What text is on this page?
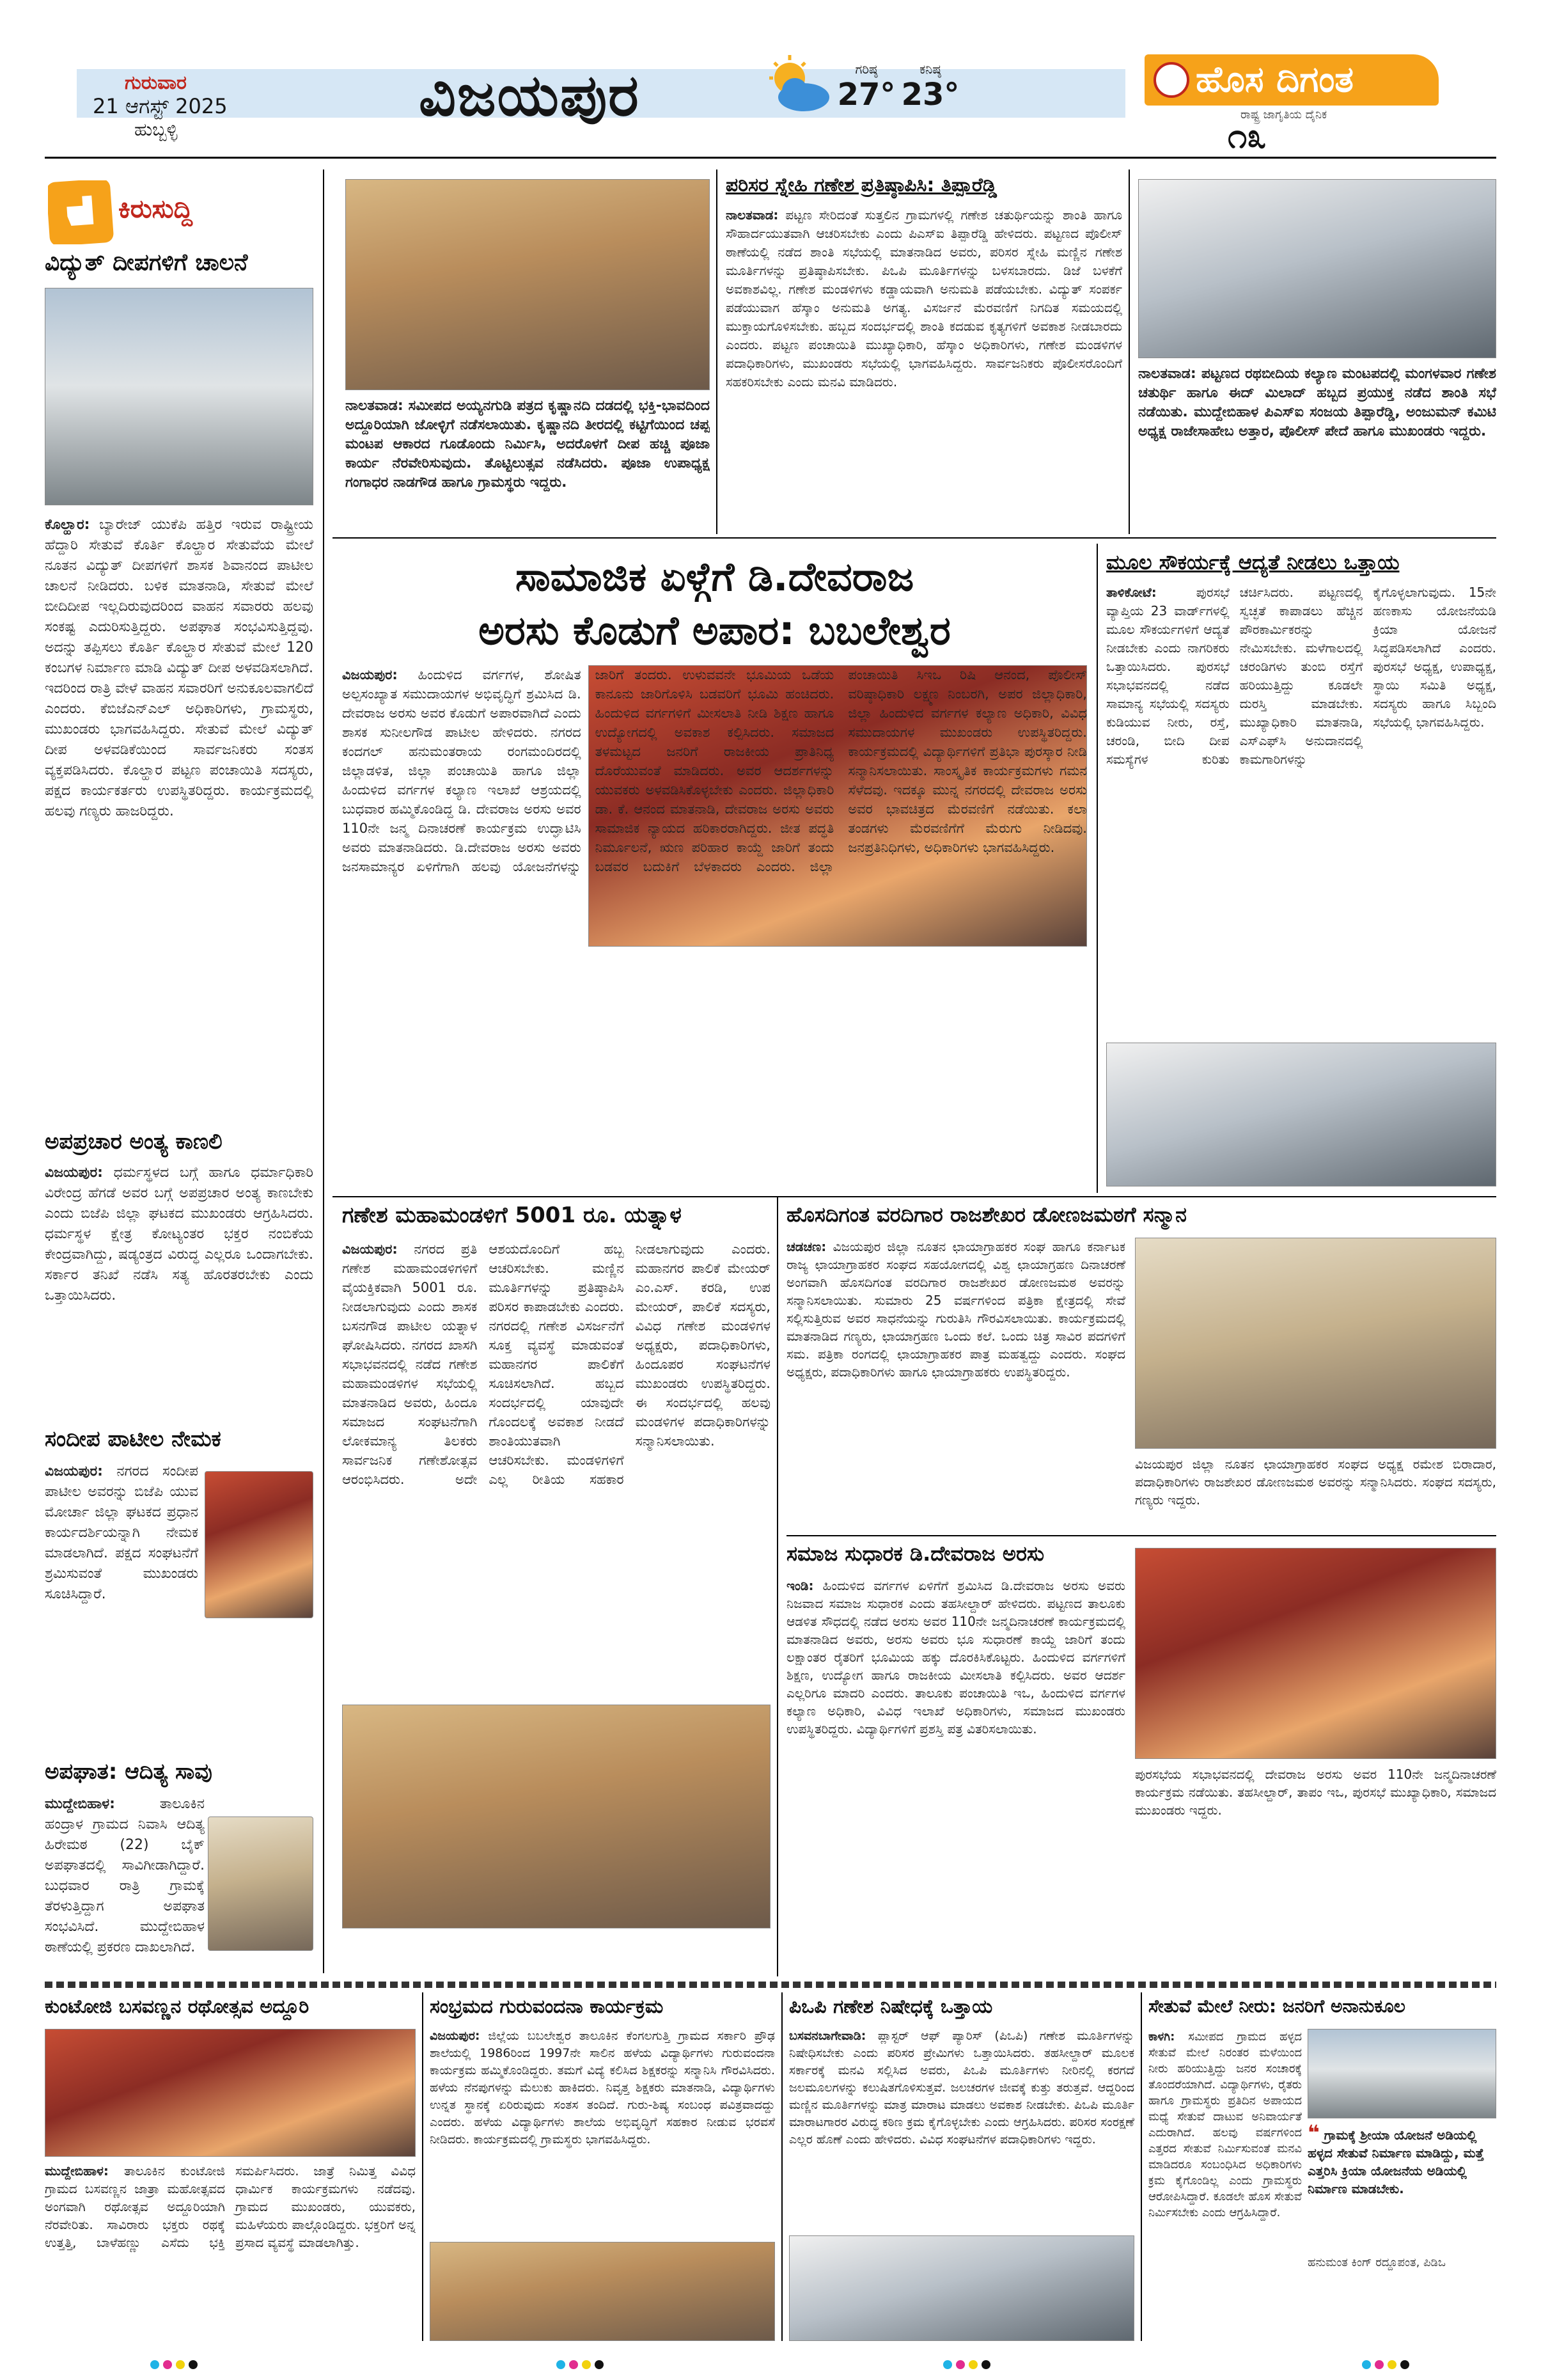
ಗುರುವಾರ
21 ಆಗಸ್ಟ್ 2025
ಹುಬ್ಬಳ್ಳಿ
ವಿಜಯಪುರ	ಗರಿಷ್ಠ
27°
ಕನಿಷ್ಠ
23°	ಹೊಸ ದಿಗಂತ
ರಾಷ್ಟ್ರ ಜಾಗೃತಿಯ ದೈನಿಕ
೧೩
ಕಿರುಸುದ್ದಿ
ವಿದ್ಯುತ್ ದೀಪಗಳಿಗೆ ಚಾಲನೆ
ಕೊಲ್ಹಾರ: ಬ್ಯಾರೇಜ್ ಯುಕೆಪಿ ಹತ್ತಿರ ಇರುವ ರಾಷ್ಟ್ರೀಯ ಹೆದ್ದಾರಿ ಸೇತುವೆ ಕೊರ್ತಿ ಕೊಲ್ಹಾರ ಸೇತುವೆಯ ಮೇಲೆ ನೂತನ ವಿದ್ಯುತ್ ದೀಪಗಳಿಗೆ ಶಾಸಕ ಶಿವಾನಂದ ಪಾಟೀಲ ಚಾಲನೆ ನೀಡಿದರು. ಬಳಿಕ ಮಾತನಾಡಿ, ಸೇತುವೆ ಮೇಲೆ ಬೀದಿದೀಪ ಇಲ್ಲದಿರುವುದರಿಂದ ವಾಹನ ಸವಾರರು ಹಲವು ಸಂಕಷ್ಟ ಎದುರಿಸುತ್ತಿದ್ದರು. ಅಪಘಾತ ಸಂಭವಿಸುತ್ತಿದ್ದವು. ಅದನ್ನು ತಪ್ಪಿಸಲು ಕೊರ್ತಿ ಕೊಲ್ಹಾರ ಸೇತುವೆ ಮೇಲೆ 120 ಕಂಬಗಳ ನಿರ್ಮಾಣ ಮಾಡಿ ವಿದ್ಯುತ್ ದೀಪ ಅಳವಡಿಸಲಾಗಿದೆ. ಇದರಿಂದ ರಾತ್ರಿ ವೇಳೆ ವಾಹನ ಸವಾರರಿಗೆ ಅನುಕೂಲವಾಗಲಿದೆ ಎಂದರು. ಕೆಬಿಜೆಎನ್ಎಲ್ ಅಧಿಕಾರಿಗಳು, ಗ್ರಾಮಸ್ಥರು, ಮುಖಂಡರು ಭಾಗವಹಿಸಿದ್ದರು. ಸೇತುವೆ ಮೇಲೆ ವಿದ್ಯುತ್ ದೀಪ ಅಳವಡಿಕೆಯಿಂದ ಸಾರ್ವಜನಿಕರು ಸಂತಸ ವ್ಯಕ್ತಪಡಿಸಿದರು. ಕೊಲ್ಹಾರ ಪಟ್ಟಣ ಪಂಚಾಯಿತಿ ಸದಸ್ಯರು, ಪಕ್ಷದ ಕಾರ್ಯಕರ್ತರು ಉಪಸ್ಥಿತರಿದ್ದರು. ಕಾರ್ಯಕ್ರಮದಲ್ಲಿ ಹಲವು ಗಣ್ಯರು ಹಾಜರಿದ್ದರು.
ಅಪಪ್ರಚಾರ ಅಂತ್ಯ ಕಾಣಲಿ
ವಿಜಯಪುರ: ಧರ್ಮಸ್ಥಳದ ಬಗ್ಗೆ ಹಾಗೂ ಧರ್ಮಾಧಿಕಾರಿ ವಿರೇಂದ್ರ ಹೆಗಡೆ ಅವರ ಬಗ್ಗೆ ಅಪಪ್ರಚಾರ ಅಂತ್ಯ ಕಾಣಬೇಕು ಎಂದು ಬಿಜೆಪಿ ಜಿಲ್ಲಾ ಘಟಕದ ಮುಖಂಡರು ಆಗ್ರಹಿಸಿದರು. ಧರ್ಮಸ್ಥಳ ಕ್ಷೇತ್ರ ಕೋಟ್ಯಂತರ ಭಕ್ತರ ನಂಬಿಕೆಯ ಕೇಂದ್ರವಾಗಿದ್ದು, ಷಡ್ಯಂತ್ರದ ವಿರುದ್ಧ ಎಲ್ಲರೂ ಒಂದಾಗಬೇಕು. ಸರ್ಕಾರ ತನಿಖೆ ನಡೆಸಿ ಸತ್ಯ ಹೊರತರಬೇಕು ಎಂದು ಒತ್ತಾಯಿಸಿದರು.
ಸಂದೀಪ ಪಾಟೀಲ ನೇಮಕ
ವಿಜಯಪುರ: ನಗರದ ಸಂದೀಪ ಪಾಟೀಲ ಅವರನ್ನು ಬಿಜೆಪಿ ಯುವ ಮೋರ್ಚಾ ಜಿಲ್ಲಾ ಘಟಕದ ಪ್ರಧಾನ ಕಾರ್ಯದರ್ಶಿಯನ್ನಾಗಿ ನೇಮಕ ಮಾಡಲಾಗಿದೆ. ಪಕ್ಷದ ಸಂಘಟನೆಗೆ ಶ್ರಮಿಸುವಂತೆ ಮುಖಂಡರು ಸೂಚಿಸಿದ್ದಾರೆ.
ಅಪಘಾತ: ಆದಿತ್ಯ ಸಾವು
ಮುದ್ದೇಬಿಹಾಳ:	ತಾಲೂಕಿನ ಹಂದ್ರಾಳ ಗ್ರಾಮದ ನಿವಾಸಿ ಆದಿತ್ಯ ಹಿರೇಮಠ (22) ಬೈಕ್ ಅಪಘಾತದಲ್ಲಿ ಸಾವಿಗೀಡಾಗಿದ್ದಾರೆ. ಬುಧವಾರ ರಾತ್ರಿ ಗ್ರಾಮಕ್ಕೆ ತೆರಳುತ್ತಿದ್ದಾಗ ಅಪಘಾತ ಸಂಭವಿಸಿದೆ. ಮುದ್ದೇಬಿಹಾಳ ಠಾಣೆಯಲ್ಲಿ ಪ್ರಕರಣ ದಾಖಲಾಗಿದೆ.
ನಾಲತವಾಡ: ಸಮೀಪದ ಅಯ್ಯನಗುಡಿ ಪತ್ರದ ಕೃಷ್ಣಾನದಿ ದಡದಲ್ಲಿ ಭಕ್ತಿ-ಭಾವದಿಂದ ಅದ್ದೂರಿಯಾಗಿ ಜೋಳ್ಳಿಗೆ ನಡೆಸಲಾಯಿತು. ಕೃಷ್ಣಾನದಿ ತೀರದಲ್ಲಿ ಕಟ್ಟಿಗೆಯಿಂದ ಚಪ್ಪ ಮಂಟಪ ಆಕಾರದ ಗೂಡೊಂದು ನಿರ್ಮಿಸಿ, ಅದರೊಳಗೆ ದೀಪ ಹಚ್ಚಿ ಪೂಜಾ ಕಾರ್ಯ ನೆರವೇರಿಸುವುದು. ತೊಟ್ಟಿಲುತ್ಸವ ನಡೆಸಿದರು. ಪೂಜಾ ಉಪಾಧ್ಯಕ್ಷ ಗಂಗಾಧರ ನಾಡಗೌಡ ಹಾಗೂ ಗ್ರಾಮಸ್ಥರು ಇದ್ದರು.
ಪರಿಸರ ಸ್ನೇಹಿ ಗಣೇಶ ಪ್ರತಿಷ್ಠಾಪಿಸಿ: ತಿಪ್ಪಾರೆಡ್ಡಿ
ನಾಲತವಾಡ: ಪಟ್ಟಣ ಸೇರಿದಂತೆ ಸುತ್ತಲಿನ ಗ್ರಾಮಗಳಲ್ಲಿ ಗಣೇಶ ಚತುರ್ಥಿಯನ್ನು ಶಾಂತಿ ಹಾಗೂ ಸೌಹಾರ್ದಯುತವಾಗಿ ಆಚರಿಸಬೇಕು ಎಂದು ಪಿಎಸ್ಐ ತಿಪ್ಪಾರೆಡ್ಡಿ ಹೇಳಿದರು. ಪಟ್ಟಣದ ಪೊಲೀಸ್ ಠಾಣೆಯಲ್ಲಿ ನಡೆದ ಶಾಂತಿ ಸಭೆಯಲ್ಲಿ ಮಾತನಾಡಿದ ಅವರು, ಪರಿಸರ ಸ್ನೇಹಿ ಮಣ್ಣಿನ ಗಣೇಶ ಮೂರ್ತಿಗಳನ್ನು ಪ್ರತಿಷ್ಠಾಪಿಸಬೇಕು. ಪಿಒಪಿ ಮೂರ್ತಿಗಳನ್ನು ಬಳಸಬಾರದು. ಡಿಜೆ ಬಳಕೆಗೆ ಅವಕಾಶವಿಲ್ಲ. ಗಣೇಶ ಮಂಡಳಿಗಳು ಕಡ್ಡಾಯವಾಗಿ ಅನುಮತಿ ಪಡೆಯಬೇಕು. ವಿದ್ಯುತ್ ಸಂಪರ್ಕ ಪಡೆಯುವಾಗ ಹೆಸ್ಕಾಂ ಅನುಮತಿ ಅಗತ್ಯ. ವಿಸರ್ಜನೆ ಮೆರವಣಿಗೆ ನಿಗದಿತ ಸಮಯದಲ್ಲಿ ಮುಕ್ತಾಯಗೊಳಿಸಬೇಕು. ಹಬ್ಬದ ಸಂದರ್ಭದಲ್ಲಿ ಶಾಂತಿ ಕದಡುವ ಕೃತ್ಯಗಳಿಗೆ ಅವಕಾಶ ನೀಡಬಾರದು ಎಂದರು. ಪಟ್ಟಣ ಪಂಚಾಯಿತಿ ಮುಖ್ಯಾಧಿಕಾರಿ, ಹೆಸ್ಕಾಂ ಅಧಿಕಾರಿಗಳು, ಗಣೇಶ ಮಂಡಳಿಗಳ ಪದಾಧಿಕಾರಿಗಳು, ಮುಖಂಡರು ಸಭೆಯಲ್ಲಿ ಭಾಗವಹಿಸಿದ್ದರು. ಸಾರ್ವಜನಿಕರು ಪೊಲೀಸರೊಂದಿಗೆ ಸಹಕರಿಸಬೇಕು ಎಂದು ಮನವಿ ಮಾಡಿದರು.	ನಾಲತವಾಡ: ಪಟ್ಟಣದ ರಥಬೀದಿಯ ಕಲ್ಯಾಣ ಮಂಟಪದಲ್ಲಿ ಮಂಗಳವಾರ ಗಣೇಶ ಚತುರ್ಥಿ ಹಾಗೂ ಈದ್ ಮಿಲಾದ್ ಹಬ್ಬದ ಪ್ರಯುಕ್ತ ನಡೆದ ಶಾಂತಿ ಸಭೆ ನಡೆಯಿತು. ಮುದ್ದೇಬಿಹಾಳ ಪಿಎಸ್ಐ ಸಂಜಯ ತಿಪ್ಪಾರೆಡ್ಡಿ, ಅಂಜುಮನ್ ಕಮಿಟಿ ಅಧ್ಯಕ್ಷ ರಾಜೇಸಾಹೇಬ ಅತ್ತಾರ, ಪೊಲೀಸ್ ಪೇದೆ ಹಾಗೂ ಮುಖಂಡರು ಇದ್ದರು.
ಸಾಮಾಜಿಕ ಏಳ್ಗೆಗೆ ಡಿ.ದೇವರಾಜ
ಅರಸು ಕೊಡುಗೆ ಅಪಾರ: ಬಬಲೇಶ್ವರ
ವಿಜಯಪುರ: ಹಿಂದುಳಿದ ವರ್ಗಗಳ, ಶೋಷಿತ ಅಲ್ಪಸಂಖ್ಯಾತ ಸಮುದಾಯಗಳ ಅಭಿವೃದ್ಧಿಗೆ ಶ್ರಮಿಸಿದ ಡಿ. ದೇವರಾಜ ಅರಸು ಅವರ ಕೊಡುಗೆ ಅಪಾರವಾಗಿದೆ ಎಂದು ಶಾಸಕ ಸುನೀಲಗೌಡ ಪಾಟೀಲ ಹೇಳಿದರು. ನಗರದ ಕಂದಗಲ್ ಹನುಮಂತರಾಯ ರಂಗಮಂದಿರದಲ್ಲಿ ಜಿಲ್ಲಾಡಳಿತ, ಜಿಲ್ಲಾ ಪಂಚಾಯಿತಿ ಹಾಗೂ ಜಿಲ್ಲಾ ಹಿಂದುಳಿದ ವರ್ಗಗಳ ಕಲ್ಯಾಣ ಇಲಾಖೆ ಆಶ್ರಯದಲ್ಲಿ ಬುಧವಾರ ಹಮ್ಮಿಕೊಂಡಿದ್ದ ಡಿ. ದೇವರಾಜ ಅರಸು ಅವರ 110ನೇ ಜನ್ಮ ದಿನಾಚರಣೆ ಕಾರ್ಯಕ್ರಮ ಉದ್ಘಾಟಿಸಿ ಅವರು ಮಾತನಾಡಿದರು. ಡಿ.ದೇವರಾಜ ಅರಸು ಅವರು ಜನಸಾಮಾನ್ಯರ ಏಳಿಗೆಗಾಗಿ ಹಲವು ಯೋಜನೆಗಳನ್ನು ಜಾರಿಗೆ ತಂದರು. ಉಳುವವನೇ ಭೂಮಿಯ ಒಡೆಯ ಕಾನೂನು ಜಾರಿಗೊಳಿಸಿ ಬಡವರಿಗೆ ಭೂಮಿ ಹಂಚಿದರು. ಹಿಂದುಳಿದ ವರ್ಗಗಳಿಗೆ ಮೀಸಲಾತಿ ನೀಡಿ ಶಿಕ್ಷಣ ಹಾಗೂ ಉದ್ಯೋಗದಲ್ಲಿ ಅವಕಾಶ ಕಲ್ಪಿಸಿದರು. ಸಮಾಜದ ತಳಮಟ್ಟದ ಜನರಿಗೆ ರಾಜಕೀಯ ಪ್ರಾತಿನಿಧ್ಯ ದೊರೆಯುವಂತೆ ಮಾಡಿದರು. ಅವರ ಆದರ್ಶಗಳನ್ನು ಯುವಕರು ಅಳವಡಿಸಿಕೊಳ್ಳಬೇಕು ಎಂದರು. ಜಿಲ್ಲಾಧಿಕಾರಿ ಡಾ. ಕೆ. ಆನಂದ ಮಾತನಾಡಿ, ದೇವರಾಜ ಅರಸು ಅವರು ಸಾಮಾಜಿಕ ನ್ಯಾಯದ ಹರಿಕಾರರಾಗಿದ್ದರು. ಜೀತ ಪದ್ಧತಿ ನಿರ್ಮೂಲನೆ, ಋಣ ಪರಿಹಾರ ಕಾಯ್ದೆ ಜಾರಿಗೆ ತಂದು ಬಡವರ ಬದುಕಿಗೆ ಬೆಳಕಾದರು ಎಂದರು. ಜಿಲ್ಲಾ ಪಂಚಾಯಿತಿ ಸಿಇಒ ರಿಷಿ ಆನಂದ, ಪೊಲೀಸ್ ವರಿಷ್ಠಾಧಿಕಾರಿ ಲಕ್ಷ್ಮಣ ನಿಂಬರಗಿ, ಅಪರ ಜಿಲ್ಲಾಧಿಕಾರಿ, ಜಿಲ್ಲಾ ಹಿಂದುಳಿದ ವರ್ಗಗಳ ಕಲ್ಯಾಣ ಅಧಿಕಾರಿ, ವಿವಿಧ ಸಮುದಾಯಗಳ ಮುಖಂಡರು ಉಪಸ್ಥಿತರಿದ್ದರು. ಕಾರ್ಯಕ್ರಮದಲ್ಲಿ ವಿದ್ಯಾರ್ಥಿಗಳಿಗೆ ಪ್ರತಿಭಾ ಪುರಸ್ಕಾರ ನೀಡಿ ಸನ್ಮಾನಿಸಲಾಯಿತು. ಸಾಂಸ್ಕೃತಿಕ ಕಾರ್ಯಕ್ರಮಗಳು ಗಮನ ಸೆಳೆದವು. ಇದಕ್ಕೂ ಮುನ್ನ ನಗರದಲ್ಲಿ ದೇವರಾಜ ಅರಸು ಅವರ ಭಾವಚಿತ್ರದ ಮೆರವಣಿಗೆ ನಡೆಯಿತು. ಕಲಾ ತಂಡಗಳು ಮೆರವಣಿಗೆಗೆ ಮೆರುಗು ನೀಡಿದವು. ಜನಪ್ರತಿನಿಧಿಗಳು, ಅಧಿಕಾರಿಗಳು ಭಾಗವಹಿಸಿದ್ದರು.
ಮೂಲ ಸೌಕರ್ಯಕ್ಕೆ ಆದ್ಯತೆ ನೀಡಲು ಒತ್ತಾಯ
ತಾಳಿಕೋಟೆ:	ಪುರಸಭೆ ವ್ಯಾಪ್ತಿಯ 23 ವಾರ್ಡ್‌ಗಳಲ್ಲಿ ಮೂಲ ಸೌಕರ್ಯಗಳಿಗೆ ಆದ್ಯತೆ ನೀಡಬೇಕು ಎಂದು ನಾಗರಿಕರು ಒತ್ತಾಯಿಸಿದರು. ಪುರಸಭೆ ಸಭಾಭವನದಲ್ಲಿ ನಡೆದ ಸಾಮಾನ್ಯ ಸಭೆಯಲ್ಲಿ ಸದಸ್ಯರು ಕುಡಿಯುವ ನೀರು, ರಸ್ತೆ, ಚರಂಡಿ, ಬೀದಿ ದೀಪ ಸಮಸ್ಯೆಗಳ ಕುರಿತು ಚರ್ಚಿಸಿದರು. ಪಟ್ಟಣದಲ್ಲಿ ಸ್ವಚ್ಛತೆ ಕಾಪಾಡಲು ಹೆಚ್ಚಿನ ಪೌರಕಾರ್ಮಿಕರನ್ನು ನೇಮಿಸಬೇಕು. ಮಳೆಗಾಲದಲ್ಲಿ ಚರಂಡಿಗಳು ತುಂಬಿ ರಸ್ತೆಗೆ ಹರಿಯುತ್ತಿದ್ದು ಕೂಡಲೇ ದುರಸ್ತಿ ಮಾಡಬೇಕು. ಮುಖ್ಯಾಧಿಕಾರಿ ಮಾತನಾಡಿ, ಎಸ್‌ಎಫ್‌ಸಿ ಅನುದಾನದಲ್ಲಿ ಕಾಮಗಾರಿಗಳನ್ನು ಕೈಗೊಳ್ಳಲಾಗುವುದು. 15ನೇ ಹಣಕಾಸು ಯೋಜನೆಯಡಿ ಕ್ರಿಯಾ ಯೋಜನೆ ಸಿದ್ಧಪಡಿಸಲಾಗಿದೆ ಎಂದರು. ಪುರಸಭೆ ಅಧ್ಯಕ್ಷ, ಉಪಾಧ್ಯಕ್ಷ, ಸ್ಥಾಯಿ ಸಮಿತಿ ಅಧ್ಯಕ್ಷ, ಸದಸ್ಯರು ಹಾಗೂ ಸಿಬ್ಬಂದಿ ಸಭೆಯಲ್ಲಿ ಭಾಗವಹಿಸಿದ್ದರು.
ಗಣೇಶ ಮಹಾಮಂಡಳಿಗೆ 5001 ರೂ. ಯತ್ನಾಳ
ವಿಜಯಪುರ: ನಗರದ ಪ್ರತಿ ಗಣೇಶ ಮಹಾಮಂಡಳಿಗಳಿಗೆ ವೈಯಕ್ತಿಕವಾಗಿ 5001 ರೂ. ನೀಡಲಾಗುವುದು ಎಂದು ಶಾಸಕ ಬಸನಗೌಡ ಪಾಟೀಲ ಯತ್ನಾಳ ಘೋಷಿಸಿದರು. ನಗರದ ಖಾಸಗಿ ಸಭಾಭವನದಲ್ಲಿ ನಡೆದ ಗಣೇಶ ಮಹಾಮಂಡಳಿಗಳ ಸಭೆಯಲ್ಲಿ ಮಾತನಾಡಿದ ಅವರು, ಹಿಂದೂ ಸಮಾಜದ ಸಂಘಟನೆಗಾಗಿ ಲೋಕಮಾನ್ಯ ತಿಲಕರು ಸಾರ್ವಜನಿಕ ಗಣೇಶೋತ್ಸವ ಆರಂಭಿಸಿದರು. ಅದೇ ಆಶಯದೊಂದಿಗೆ ಹಬ್ಬ ಆಚರಿಸಬೇಕು. ಮಣ್ಣಿನ ಮೂರ್ತಿಗಳನ್ನು ಪ್ರತಿಷ್ಠಾಪಿಸಿ ಪರಿಸರ ಕಾಪಾಡಬೇಕು ಎಂದರು. ನಗರದಲ್ಲಿ ಗಣೇಶ ವಿಸರ್ಜನೆಗೆ ಸೂಕ್ತ ವ್ಯವಸ್ಥೆ ಮಾಡುವಂತೆ ಮಹಾನಗರ ಪಾಲಿಕೆಗೆ ಸೂಚಿಸಲಾಗಿದೆ. ಹಬ್ಬದ ಸಂದರ್ಭದಲ್ಲಿ ಯಾವುದೇ ಗೊಂದಲಕ್ಕೆ ಅವಕಾಶ ನೀಡದೆ ಶಾಂತಿಯುತವಾಗಿ ಆಚರಿಸಬೇಕು. ಮಂಡಳಿಗಳಿಗೆ ಎಲ್ಲ ರೀತಿಯ ಸಹಕಾರ ನೀಡಲಾಗುವುದು ಎಂದರು. ಮಹಾನಗರ ಪಾಲಿಕೆ ಮೇಯರ್ ಎಂ.ಎಸ್. ಕರಡಿ, ಉಪ ಮೇಯರ್, ಪಾಲಿಕೆ ಸದಸ್ಯರು, ವಿವಿಧ ಗಣೇಶ ಮಂಡಳಿಗಳ ಅಧ್ಯಕ್ಷರು, ಪದಾಧಿಕಾರಿಗಳು, ಹಿಂದೂಪರ ಸಂಘಟನೆಗಳ ಮುಖಂಡರು ಉಪಸ್ಥಿತರಿದ್ದರು. ಈ ಸಂದರ್ಭದಲ್ಲಿ ಹಲವು ಮಂಡಳಿಗಳ ಪದಾಧಿಕಾರಿಗಳನ್ನು ಸನ್ಮಾನಿಸಲಾಯಿತು.
ಹೊಸದಿಗಂತ ವರದಿಗಾರ ರಾಜಶೇಖರ ಡೋಣಜಮಠಗೆ ಸನ್ಮಾನ
ಚಡಚಣ: ವಿಜಯಪುರ ಜಿಲ್ಲಾ ನೂತನ ಛಾಯಾಗ್ರಾಹಕರ ಸಂಘ ಹಾಗೂ ಕರ್ನಾಟಕ ರಾಜ್ಯ ಛಾಯಾಗ್ರಾಹಕರ ಸಂಘದ ಸಹಯೋಗದಲ್ಲಿ ವಿಶ್ವ ಛಾಯಾಗ್ರಹಣ ದಿನಾಚರಣೆ ಅಂಗವಾಗಿ ಹೊಸದಿಗಂತ ವರದಿಗಾರ ರಾಜಶೇಖರ ಡೋಣಜಮಠ ಅವರನ್ನು ಸನ್ಮಾನಿಸಲಾಯಿತು. ಸುಮಾರು 25 ವರ್ಷಗಳಿಂದ ಪತ್ರಿಕಾ ಕ್ಷೇತ್ರದಲ್ಲಿ ಸೇವೆ ಸಲ್ಲಿಸುತ್ತಿರುವ ಅವರ ಸಾಧನೆಯನ್ನು ಗುರುತಿಸಿ ಗೌರವಿಸಲಾಯಿತು. ಕಾರ್ಯಕ್ರಮದಲ್ಲಿ ಮಾತನಾಡಿದ ಗಣ್ಯರು, ಛಾಯಾಗ್ರಹಣ ಒಂದು ಕಲೆ. ಒಂದು ಚಿತ್ರ ಸಾವಿರ ಪದಗಳಿಗೆ ಸಮ. ಪತ್ರಿಕಾ ರಂಗದಲ್ಲಿ ಛಾಯಾಗ್ರಾಹಕರ ಪಾತ್ರ ಮಹತ್ವದ್ದು ಎಂದರು. ಸಂಘದ ಅಧ್ಯಕ್ಷರು, ಪದಾಧಿಕಾರಿಗಳು ಹಾಗೂ ಛಾಯಾಗ್ರಾಹಕರು ಉಪಸ್ಥಿತರಿದ್ದರು.
ವಿಜಯಪುರ ಜಿಲ್ಲಾ ನೂತನ ಛಾಯಾಗ್ರಾಹಕರ ಸಂಘದ ಅಧ್ಯಕ್ಷ ರಮೇಶ ಬಿರಾದಾರ, ಪದಾಧಿಕಾರಿಗಳು ರಾಜಶೇಖರ ಡೋಣಜಮಠ ಅವರನ್ನು ಸನ್ಮಾನಿಸಿದರು. ಸಂಘದ ಸದಸ್ಯರು, ಗಣ್ಯರು ಇದ್ದರು.
ಸಮಾಜ ಸುಧಾರಕ ಡಿ.ದೇವರಾಜ ಅರಸು
ಇಂಡಿ: ಹಿಂದುಳಿದ ವರ್ಗಗಳ ಏಳಿಗೆಗೆ ಶ್ರಮಿಸಿದ ಡಿ.ದೇವರಾಜ ಅರಸು ಅವರು ನಿಜವಾದ ಸಮಾಜ ಸುಧಾರಕ ಎಂದು ತಹಸೀಲ್ದಾರ್ ಹೇಳಿದರು. ಪಟ್ಟಣದ ತಾಲೂಕು ಆಡಳಿತ ಸೌಧದಲ್ಲಿ ನಡೆದ ಅರಸು ಅವರ 110ನೇ ಜನ್ಮದಿನಾಚರಣೆ ಕಾರ್ಯಕ್ರಮದಲ್ಲಿ ಮಾತನಾಡಿದ ಅವರು, ಅರಸು ಅವರು ಭೂ ಸುಧಾರಣೆ ಕಾಯ್ದೆ ಜಾರಿಗೆ ತಂದು ಲಕ್ಷಾಂತರ ರೈತರಿಗೆ ಭೂಮಿಯ ಹಕ್ಕು ದೊರಕಿಸಿಕೊಟ್ಟರು. ಹಿಂದುಳಿದ ವರ್ಗಗಳಿಗೆ ಶಿಕ್ಷಣ, ಉದ್ಯೋಗ ಹಾಗೂ ರಾಜಕೀಯ ಮೀಸಲಾತಿ ಕಲ್ಪಿಸಿದರು. ಅವರ ಆದರ್ಶ ಎಲ್ಲರಿಗೂ ಮಾದರಿ ಎಂದರು. ತಾಲೂಕು ಪಂಚಾಯಿತಿ ಇಒ, ಹಿಂದುಳಿದ ವರ್ಗಗಳ ಕಲ್ಯಾಣ ಅಧಿಕಾರಿ, ವಿವಿಧ ಇಲಾಖೆ ಅಧಿಕಾರಿಗಳು, ಸಮಾಜದ ಮುಖಂಡರು ಉಪಸ್ಥಿತರಿದ್ದರು. ವಿದ್ಯಾರ್ಥಿಗಳಿಗೆ ಪ್ರಶಸ್ತಿ ಪತ್ರ ವಿತರಿಸಲಾಯಿತು.
ಪುರಸಭೆಯ ಸಭಾಭವನದಲ್ಲಿ ದೇವರಾಜ ಅರಸು ಅವರ 110ನೇ ಜನ್ಮದಿನಾಚರಣೆ ಕಾರ್ಯಕ್ರಮ ನಡೆಯಿತು. ತಹಸೀಲ್ದಾರ್, ತಾಪಂ ಇಒ, ಪುರಸಭೆ ಮುಖ್ಯಾಧಿಕಾರಿ, ಸಮಾಜದ ಮುಖಂಡರು ಇದ್ದರು.
ಕುಂಟೋಜಿ ಬಸವಣ್ಣನ ರಥೋತ್ಸವ ಅದ್ದೂರಿ
ಮುದ್ದೇಬಿಹಾಳ: ತಾಲೂಕಿನ ಕುಂಟೋಜಿ ಗ್ರಾಮದ ಬಸವಣ್ಣನ ಜಾತ್ರಾ ಮಹೋತ್ಸವದ ಅಂಗವಾಗಿ ರಥೋತ್ಸವ ಅದ್ದೂರಿಯಾಗಿ ನೆರವೇರಿತು. ಸಾವಿರಾರು ಭಕ್ತರು ರಥಕ್ಕೆ ಉತ್ತತ್ತಿ, ಬಾಳೆಹಣ್ಣು ಎಸೆದು ಭಕ್ತಿ ಸಮರ್ಪಿಸಿದರು. ಜಾತ್ರೆ ನಿಮಿತ್ತ ವಿವಿಧ ಧಾರ್ಮಿಕ ಕಾರ್ಯಕ್ರಮಗಳು ನಡೆದವು. ಗ್ರಾಮದ ಮುಖಂಡರು, ಯುವಕರು, ಮಹಿಳೆಯರು ಪಾಲ್ಗೊಂಡಿದ್ದರು. ಭಕ್ತರಿಗೆ ಅನ್ನ ಪ್ರಸಾದ ವ್ಯವಸ್ಥೆ ಮಾಡಲಾಗಿತ್ತು.
ಸಂಭ್ರಮದ ಗುರುವಂದನಾ ಕಾರ್ಯಕ್ರಮ
ವಿಜಯಪುರ: ಜಿಲ್ಲೆಯ ಬಬಲೇಶ್ವರ ತಾಲೂಕಿನ ಕೆಂಗಲಗುತ್ತಿ ಗ್ರಾಮದ ಸರ್ಕಾರಿ ಪ್ರೌಢ ಶಾಲೆಯಲ್ಲಿ 1986ರಿಂದ 1997ನೇ ಸಾಲಿನ ಹಳೆಯ ವಿದ್ಯಾರ್ಥಿಗಳು ಗುರುವಂದನಾ ಕಾರ್ಯಕ್ರಮ ಹಮ್ಮಿಕೊಂಡಿದ್ದರು. ತಮಗೆ ವಿದ್ಯೆ ಕಲಿಸಿದ ಶಿಕ್ಷಕರನ್ನು ಸನ್ಮಾನಿಸಿ ಗೌರವಿಸಿದರು. ಹಳೆಯ ನೆನಪುಗಳನ್ನು ಮೆಲುಕು ಹಾಕಿದರು. ನಿವೃತ್ತ ಶಿಕ್ಷಕರು ಮಾತನಾಡಿ, ವಿದ್ಯಾರ್ಥಿಗಳು ಉನ್ನತ ಸ್ಥಾನಕ್ಕೆ ಏರಿರುವುದು ಸಂತಸ ತಂದಿದೆ. ಗುರು-ಶಿಷ್ಯ ಸಂಬಂಧ ಪವಿತ್ರವಾದದ್ದು ಎಂದರು. ಹಳೆಯ ವಿದ್ಯಾರ್ಥಿಗಳು ಶಾಲೆಯ ಅಭಿವೃದ್ಧಿಗೆ ಸಹಕಾರ ನೀಡುವ ಭರವಸೆ ನೀಡಿದರು. ಕಾರ್ಯಕ್ರಮದಲ್ಲಿ ಗ್ರಾಮಸ್ಥರು ಭಾಗವಹಿಸಿದ್ದರು.
ಪಿಒಪಿ ಗಣೇಶ ನಿಷೇಧಕ್ಕೆ ಒತ್ತಾಯ
ಬಸವನಬಾಗೇವಾಡಿ: ಪ್ಲಾಸ್ಟರ್ ಆಫ್ ಪ್ಯಾರಿಸ್ (ಪಿಒಪಿ) ಗಣೇಶ ಮೂರ್ತಿಗಳನ್ನು ನಿಷೇಧಿಸಬೇಕು ಎಂದು ಪರಿಸರ ಪ್ರೇಮಿಗಳು ಒತ್ತಾಯಿಸಿದರು. ತಹಸೀಲ್ದಾರ್ ಮೂಲಕ ಸರ್ಕಾರಕ್ಕೆ ಮನವಿ ಸಲ್ಲಿಸಿದ ಅವರು, ಪಿಒಪಿ ಮೂರ್ತಿಗಳು ನೀರಿನಲ್ಲಿ ಕರಗದೆ ಜಲಮೂಲಗಳನ್ನು ಕಲುಷಿತಗೊಳಿಸುತ್ತವೆ. ಜಲಚರಗಳ ಜೀವಕ್ಕೆ ಕುತ್ತು ತರುತ್ತವೆ. ಆದ್ದರಿಂದ ಮಣ್ಣಿನ ಮೂರ್ತಿಗಳನ್ನು ಮಾತ್ರ ಮಾರಾಟ ಮಾಡಲು ಅವಕಾಶ ನೀಡಬೇಕು. ಪಿಒಪಿ ಮೂರ್ತಿ ಮಾರಾಟಗಾರರ ವಿರುದ್ಧ ಕಠಿಣ ಕ್ರಮ ಕೈಗೊಳ್ಳಬೇಕು ಎಂದು ಆಗ್ರಹಿಸಿದರು. ಪರಿಸರ ಸಂರಕ್ಷಣೆ ಎಲ್ಲರ ಹೊಣೆ ಎಂದು ಹೇಳಿದರು. ವಿವಿಧ ಸಂಘಟನೆಗಳ ಪದಾಧಿಕಾರಿಗಳು ಇದ್ದರು.
ಸೇತುವೆ ಮೇಲೆ ನೀರು: ಜನರಿಗೆ ಅನಾನುಕೂಲ
ಕಾಳಗಿ: ಸಮೀಪದ ಗ್ರಾಮದ ಹಳ್ಳದ ಸೇತುವೆ ಮೇಲೆ ನಿರಂತರ ಮಳೆಯಿಂದ ನೀರು ಹರಿಯುತ್ತಿದ್ದು ಜನರ ಸಂಚಾರಕ್ಕೆ ತೊಂದರೆಯಾಗಿದೆ. ವಿದ್ಯಾರ್ಥಿಗಳು, ರೈತರು ಹಾಗೂ ಗ್ರಾಮಸ್ಥರು ಪ್ರತಿದಿನ ಅಪಾಯದ ಮಧ್ಯೆ ಸೇತುವೆ ದಾಟುವ ಅನಿವಾರ್ಯತೆ ಎದುರಾಗಿದೆ. ಹಲವು ವರ್ಷಗಳಿಂದ ಎತ್ತರದ ಸೇತುವೆ ನಿರ್ಮಿಸುವಂತೆ ಮನವಿ ಮಾಡಿದರೂ ಸಂಬಂಧಿಸಿದ ಅಧಿಕಾರಿಗಳು ಕ್ರಮ ಕೈಗೊಂಡಿಲ್ಲ ಎಂದು ಗ್ರಾಮಸ್ಥರು ಆರೋಪಿಸಿದ್ದಾರೆ. ಕೂಡಲೇ ಹೊಸ ಸೇತುವೆ ನಿರ್ಮಿಸಬೇಕು ಎಂದು ಆಗ್ರಹಿಸಿದ್ದಾರೆ.
❝ ಗ್ರಾಮಕ್ಕೆ ಶ್ರೀಯಾ ಯೋಜನೆ ಅಡಿಯಲ್ಲಿ ಹಳ್ಳದ ಸೇತುವೆ ನಿರ್ಮಾಣ ಮಾಡಿದ್ದು, ಮತ್ತೆ ಎತ್ತರಿಸಿ ಕ್ರಿಯಾ ಯೋಜನೆಯ ಅಡಿಯಲ್ಲಿ ನಿರ್ಮಾಣ ಮಾಡಬೇಕು.
ಹನುಮಂತ ಕಿಂಗ್ ರದ್ದೂಪಂತ, ಪಿಡಿಒ
